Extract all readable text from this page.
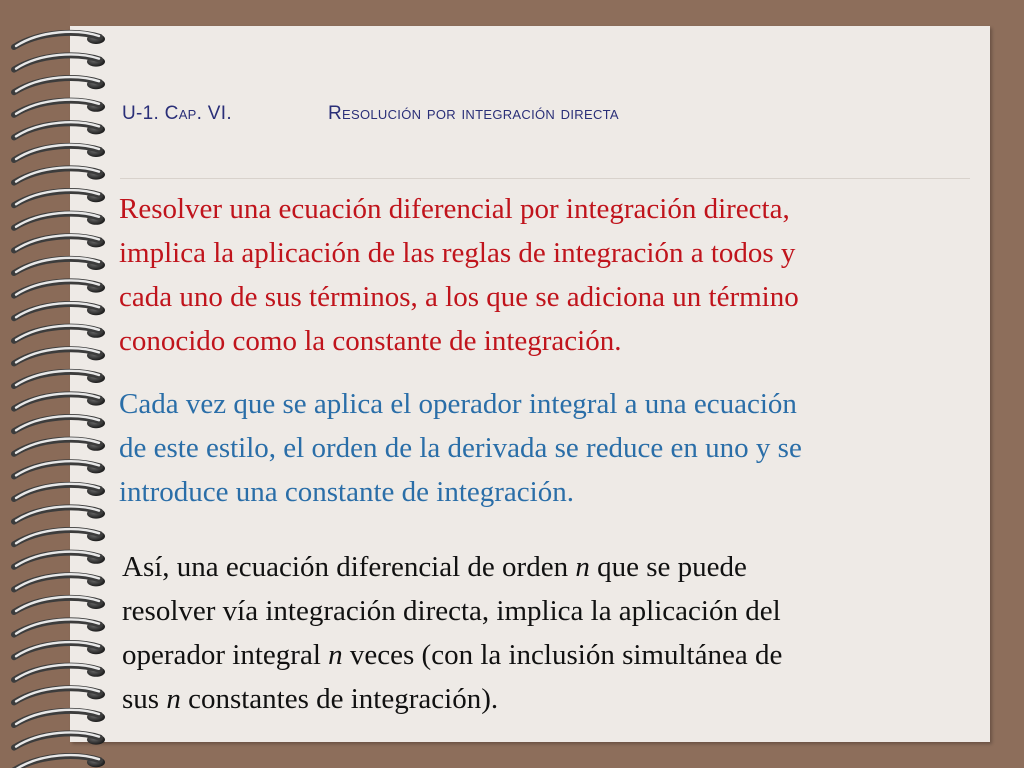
U-1. Cap. VI.	Resolución por integración directa

Resolver una ecuación diferencial por integración directa,
implica la aplicación de las reglas de integración a todos y
cada uno de sus términos, a los que se adiciona un término
conocido como la constante de integración.

Cada vez que se aplica el operador integral a una ecuación
de este estilo, el orden de la derivada se reduce en uno y se
introduce una constante de integración.

Así, una ecuación diferencial de orden n que se puede
resolver vía integración directa, implica la aplicación del
operador integral n veces (con la inclusión simultánea de
sus n constantes de integración).
